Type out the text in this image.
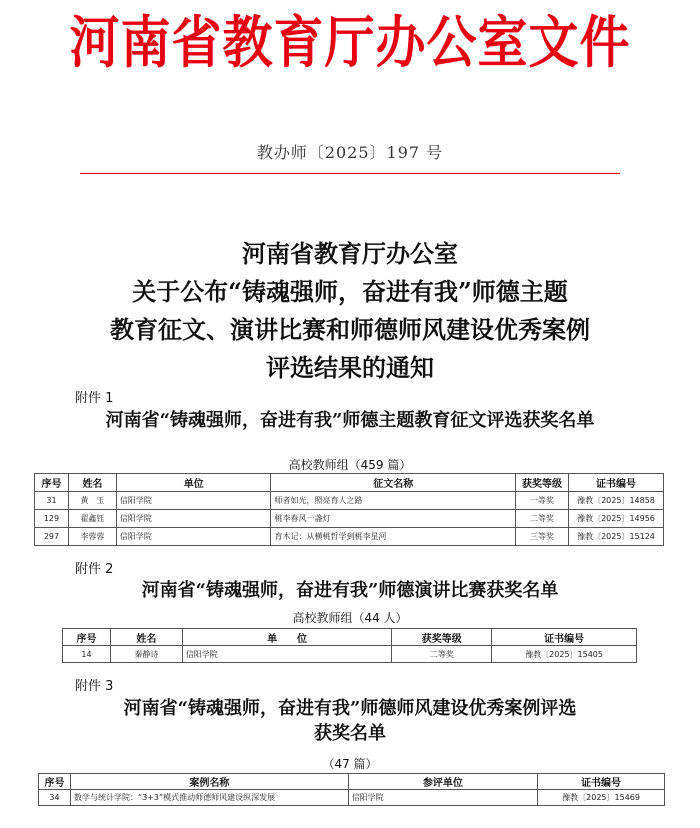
河南省教育厅办公室文件
教办师〔2025〕197 号
河南省教育厅办公室
关于公布“铸魂强师，奋进有我”师德主题
教育征文、演讲比赛和师德师风建设优秀案例
评选结果的通知
附件 1
河南省“铸魂强师，奋进有我”师德主题教育征文评选获奖名单
高校教师组（459 篇）
序号	姓名	单位	征文名称	获奖等级	证书编号
31	黄　玉	信阳学院	师者如光，照亮育人之路	一等奖	豫教〔2025〕14858
129	翟鑫钰	信阳学院	桃李春风一盏灯	二等奖	豫教〔2025〕14956
297	李蓉蓉	信阳学院	育木记：从横桃哲学到桃李星河	三等奖	豫教〔2025〕15124
附件 2
河南省“铸魂强师，奋进有我”师德演讲比赛获奖名单
高校教师组（44 人）
序号	姓名	单　　位	获奖等级	证书编号
14	秦静诗	信阳学院	二等奖	豫教〔2025〕15405
附件 3
河南省“铸魂强师，奋进有我”师德师风建设优秀案例评选
获奖名单
（47 篇）
序号	案例名称	参评单位	证书编号
34	数学与统计学院：“3+3”模式推动师德师风建设纵深发展	信阳学院	豫教〔2025〕15469
